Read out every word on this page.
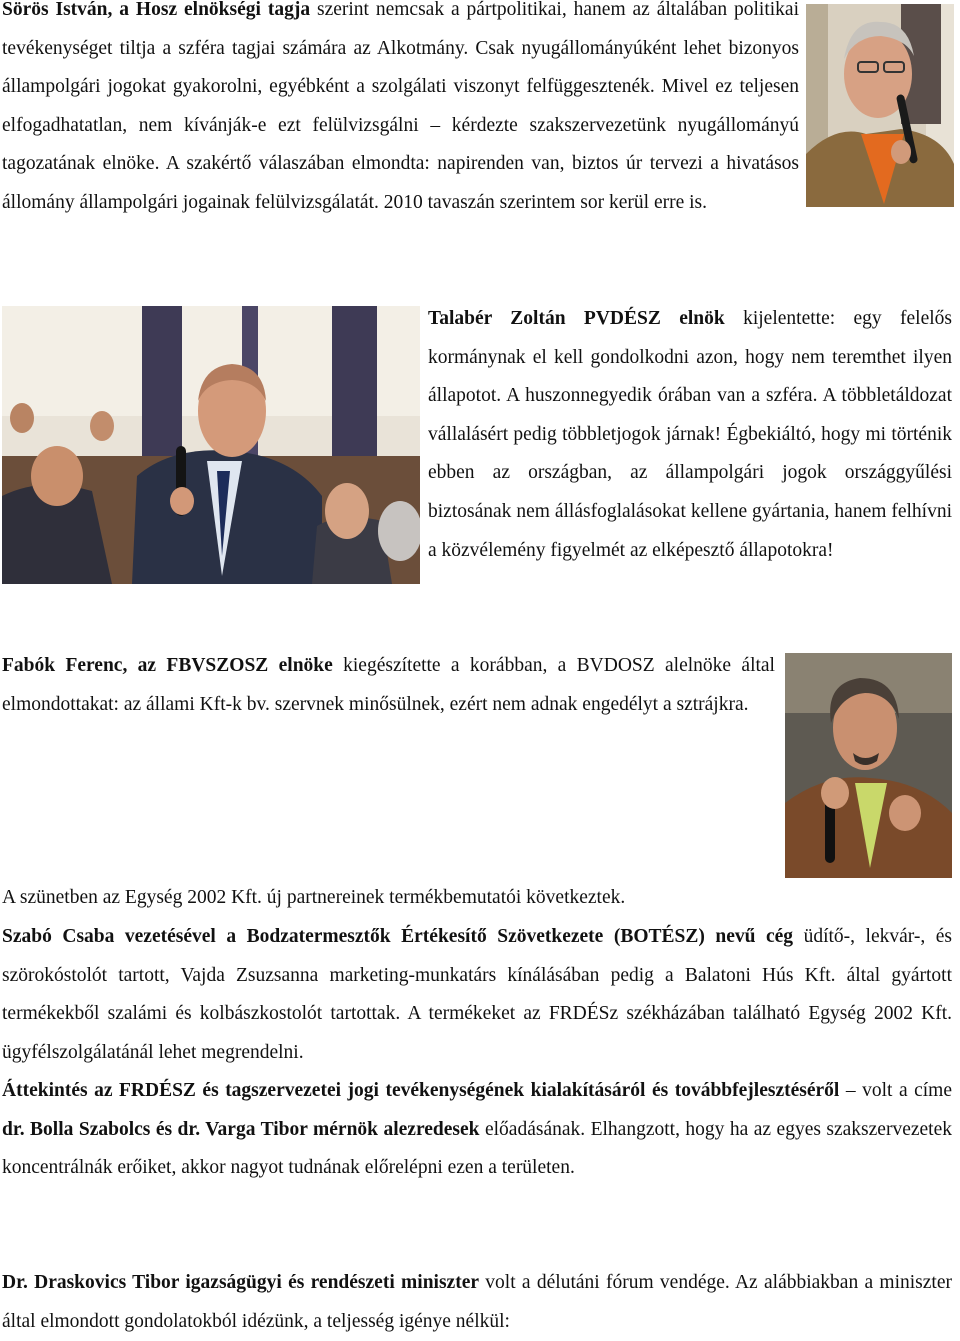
Sörös István, a Hosz elnökségi tagja szerint nemcsak a pártpolitikai, hanem az általában politikai tevékenységet tiltja a szféra tagjai számára az Alkotmány. Csak nyugállományúként lehet bizonyos állampolgári jogokat gyakorolni, egyébként a szolgálati viszonyt felfüggesztenék. Mivel ez teljesen elfogadhatatlan, nem kívánják-e ezt felülvizsgálni – kérdezte szakszervezetünk nyugállományú tagozatának elnöke. A szakértő válaszában elmondta: napirenden van, biztos úr tervezi a hivatásos állomány állampolgári jogainak felülvizsgálatát. 2010 tavaszán szerintem sor kerül erre is.
Talabér Zoltán PVDÉSZ elnök kijelentette: egy felelős kormánynak el kell gondolkodni azon, hogy nem teremthet ilyen állapotot. A huszonnegyedik órában van a szféra. A többletáldozat vállalásért pedig többletjogok járnak! Égbekiáltó, hogy mi történik ebben az országban, az állampolgári jogok országgyűlési biztosának nem állásfoglalásokat kellene gyártania, hanem felhívni a közvélemény figyelmét az elképesztő állapotokra!
Fabók Ferenc, az FBVSZOSZ elnöke kiegészítette a korábban, a BVDOSZ alelnöke által elmondottakat: az állami Kft-k bv. szervnek minősülnek, ezért nem adnak engedélyt a sztrájkra.
A szünetben az Egység 2002 Kft. új partnereinek termékbemutatói következtek.
Szabó Csaba vezetésével a Bodzatermesztők Értékesítő Szövetkezete (BOTÉSZ) nevű cég üdítő-, lekvár-, és szörokóstolót tartott, Vajda Zsuzsanna marketing-munkatárs kínálásában pedig a Balatoni Hús Kft. által gyártott termékekből szalámi és kolbászkostolót tartottak. A termékeket az FRDÉSz székházában található Egység 2002 Kft. ügyfélszolgálatánál lehet megrendelni.
Áttekintés az FRDÉSZ és tagszervezetei jogi tevékenységének kialakításáról és továbbfejlesztéséről – volt a címe dr. Bolla Szabolcs és dr. Varga Tibor mérnök alezredesek előadásának. Elhangzott, hogy ha az egyes szakszervezetek koncentrálnák erőiket, akkor nagyot tudnának előrelépni ezen a területen.
Dr. Draskovics Tibor igazságügyi és rendészeti miniszter volt a délutáni fórum vendége. Az alábbiakban a miniszter által elmondott gondolatokból idézünk, a teljesség igénye nélkül:
